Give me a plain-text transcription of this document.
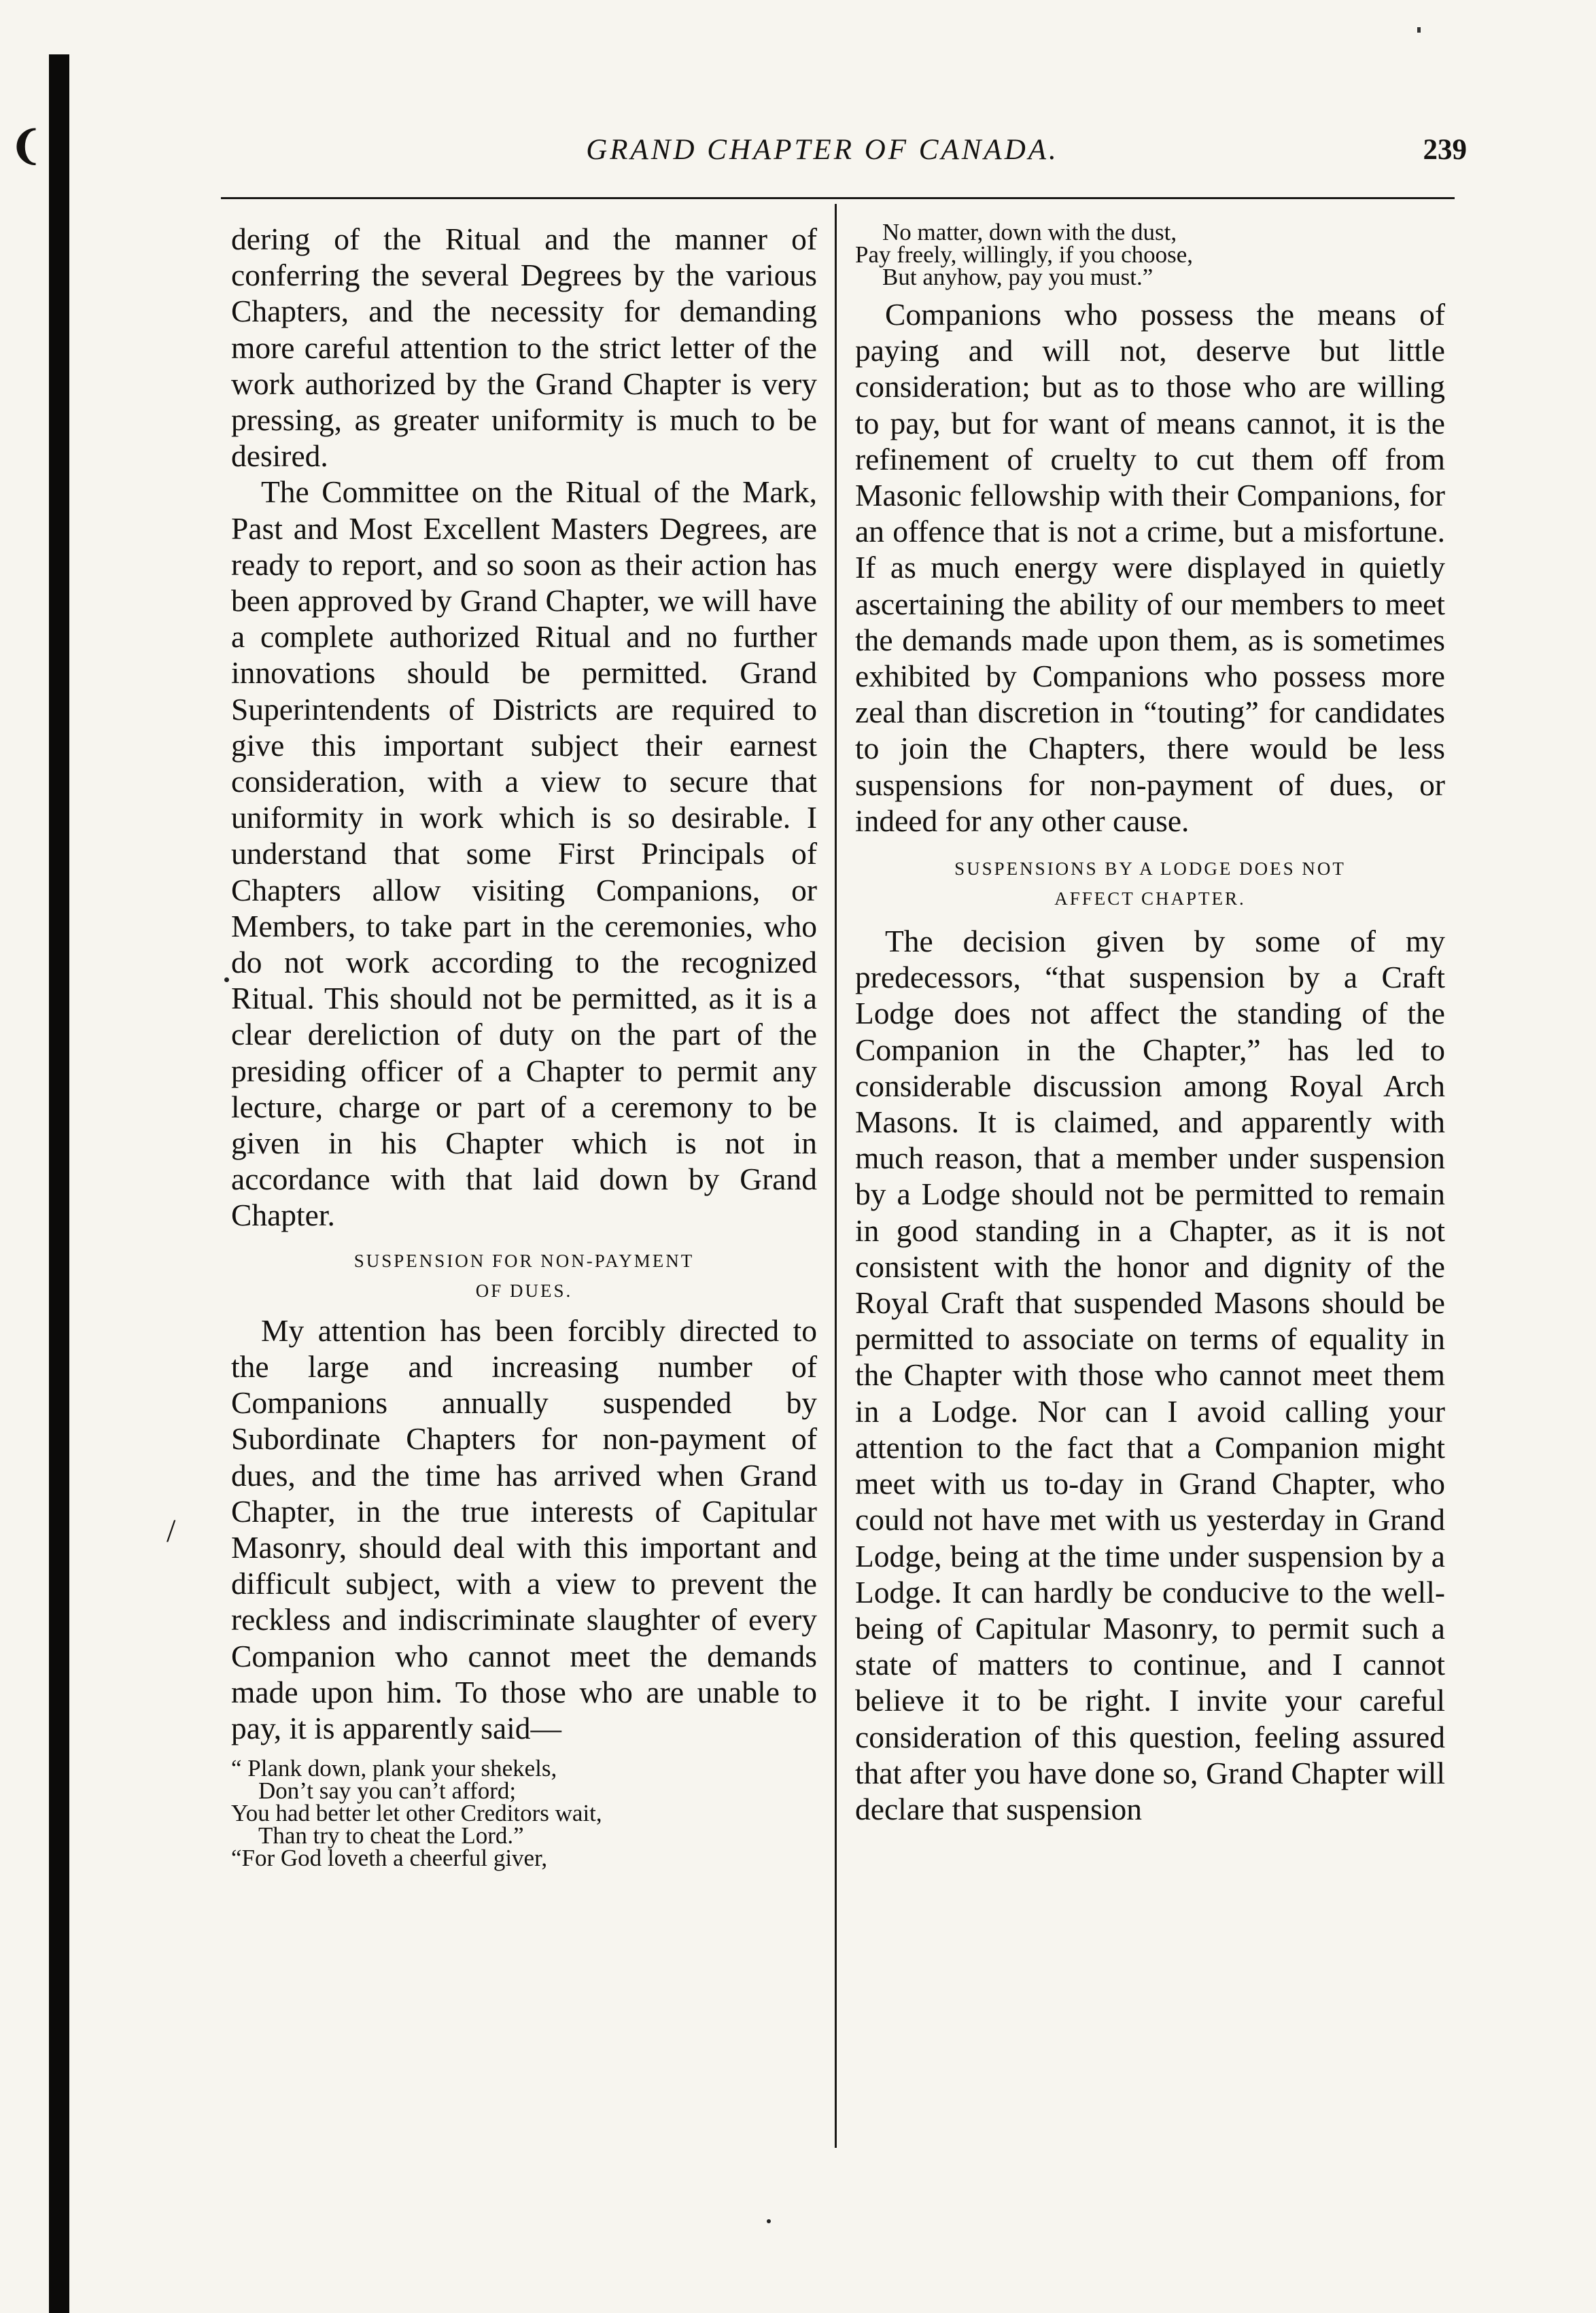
❨	GRAND CHAPTER OF CANADA.	239

dering of the Ritual and the manner of conferring the several Degrees by the various Chapters, and the necessity for demanding more careful attention to the strict letter of the work authorized by the Grand Chapter is very pressing, as greater uniformity is much to be desired.

The Committee on the Ritual of the Mark, Past and Most Excellent Masters Degrees, are ready to report, and so soon as their action has been approved by Grand Chapter, we will have a complete authorized Ritual and no further innovations should be permitted. Grand Superintendents of Districts are required to give this important subject their earnest consideration, with a view to secure that uniformity in work which is so desirable. I understand that some First Principals of Chapters allow visiting Companions, or Members, to take part in the ceremonies, who do not work according to the recognized Ritual. This should not be permitted, as it is a clear dereliction of duty on the part of the presiding officer of a Chapter to permit any lecture, charge or part of a ceremony to be given in his Chapter which is not in accordance with that laid down by Grand Chapter.

SUSPENSION FOR NON-PAYMENT

OF DUES.

My attention has been forcibly directed to the large and increasing number of Companions annually suspended by Subordinate Chapters for non-payment of dues, and the time has arrived when Grand Chapter, in the true interests of Capitular Masonry, should deal with this important and difficult subject, with a view to prevent the reckless and indiscriminate slaughter of every Companion who cannot meet the demands made upon him. To those who are unable to pay, it is apparently said—

“ Plank down, plank your shekels,
Don’t say you can’t afford;
You had better let other Creditors wait,
Than try to cheat the Lord.”
“For God loveth a cheerful giver,
No matter, down with the dust,
Pay freely, willingly, if you choose,
But anyhow, pay you must.”

Companions who possess the means of paying and will not, deserve but little consideration; but as to those who are willing to pay, but for want of means cannot, it is the refinement of cruelty to cut them off from Masonic fellowship with their Companions, for an offence that is not a crime, but a misfortune. If as much energy were displayed in quietly ascertaining the ability of our members to meet the demands made upon them, as is sometimes exhibited by Companions who possess more zeal than discretion in “touting” for candidates to join the Chapters, there would be less suspensions for non-payment of dues, or indeed for any other cause.

SUSPENSIONS BY A LODGE DOES NOT

AFFECT CHAPTER.

The decision given by some of my predecessors, “that suspension by a Craft Lodge does not affect the standing of the Companion in the Chapter,” has led to considerable discussion among Royal Arch Masons. It is claimed, and apparently with much reason, that a member under suspension by a Lodge should not be permitted to remain in good standing in a Chapter, as it is not consistent with the honor and dignity of the Royal Craft that suspended Masons should be permitted to associate on terms of equality in the Chapter with those who cannot meet them in a Lodge. Nor can I avoid calling your attention to the fact that a Companion might meet with us to-day in Grand Chapter, who could not have met with us yesterday in Grand Lodge, being at the time under suspension by a Lodge. It can hardly be conducive to the well-being of Capitular Masonry, to permit such a state of matters to continue, and I cannot believe it to be right. I invite your careful consideration of this question, feeling assured that after you have done so, Grand Chapter will declare that suspension

/
